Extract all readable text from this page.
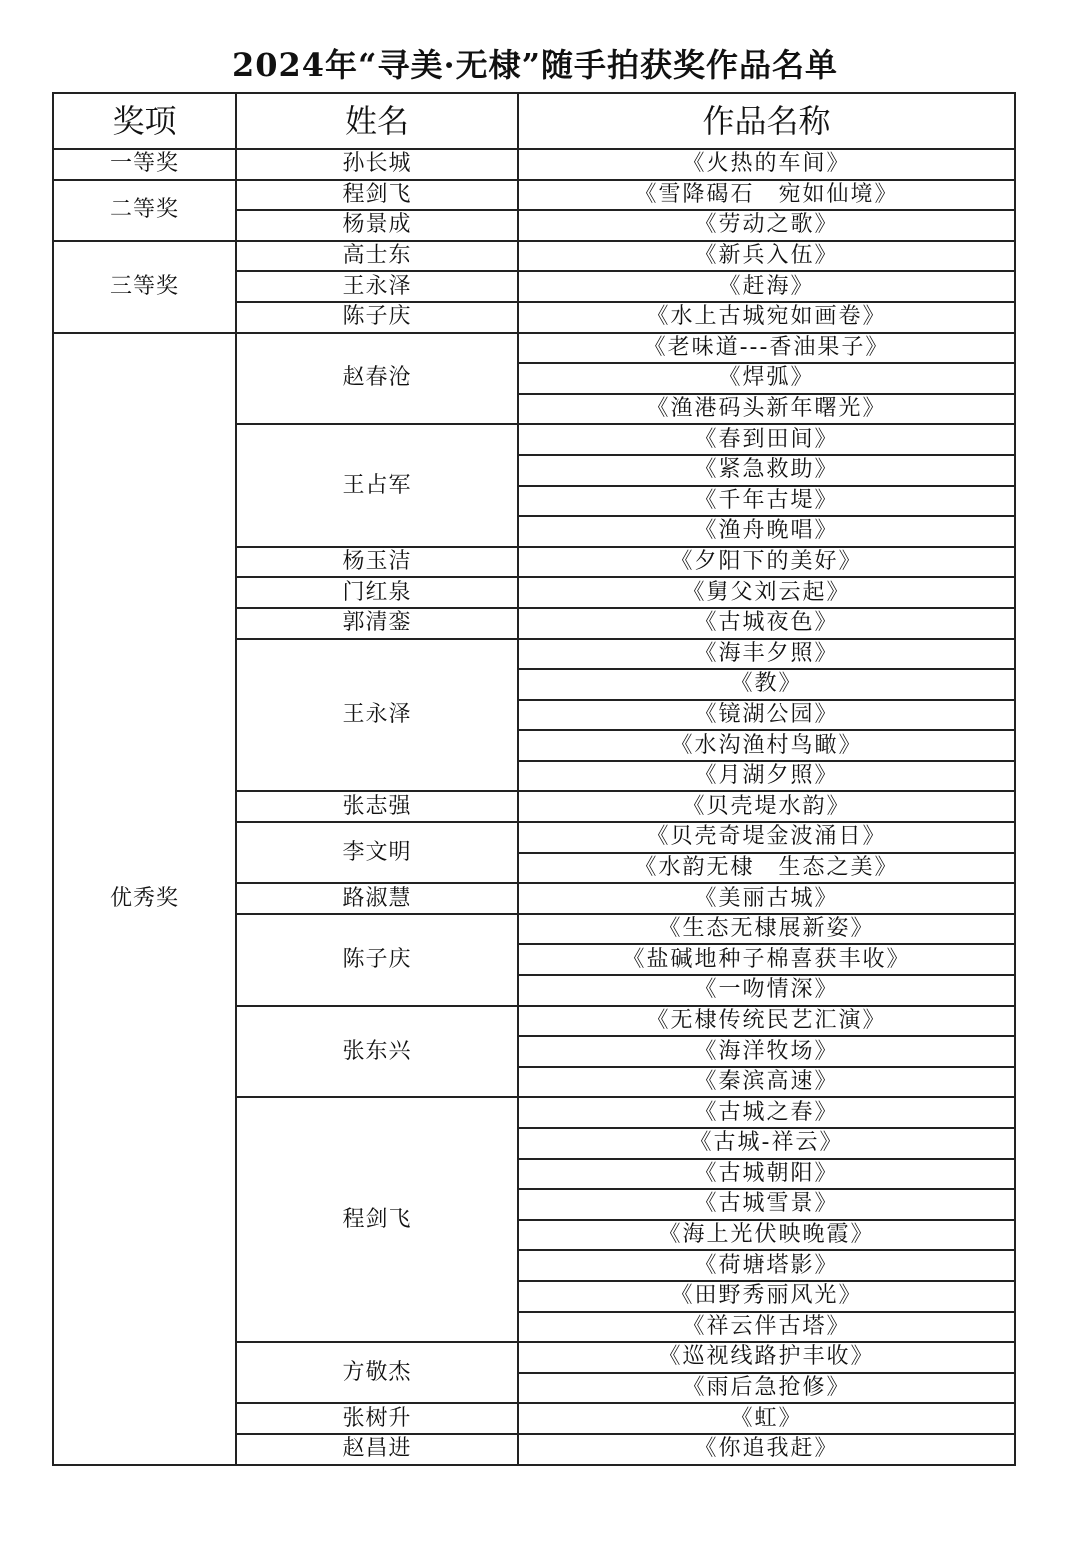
2024年“寻美·无棣”随手拍获奖作品名单
奖项	姓名	作品名称
一等奖	孙长城	《火热的车间》
二等奖	程剑飞	《雪降碣石　宛如仙境》
	杨景成	《劳动之歌》
三等奖	高士东	《新兵入伍》
	王永泽	《赶海》
	陈子庆	《水上古城宛如画卷》
优秀奖	赵春沧	《老味道---香油果子》
		《焊弧》
		《渔港码头新年曙光》
	王占军	《春到田间》
		《紧急救助》
		《千年古堤》
		《渔舟晚唱》
	杨玉洁	《夕阳下的美好》
	门红泉	《舅父刘云起》
	郭清銮	《古城夜色》
	王永泽	《海丰夕照》
		《教》
		《镜湖公园》
		《水沟渔村鸟瞰》
		《月湖夕照》
	张志强	《贝壳堤水韵》
	李文明	《贝壳奇堤金波涌日》
		《水韵无棣　生态之美》
	路淑慧	《美丽古城》
	陈子庆	《生态无棣展新姿》
		《盐碱地种子棉喜获丰收》
		《一吻情深》
	张东兴	《无棣传统民艺汇演》
		《海洋牧场》
		《秦滨高速》
	程剑飞	《古城之春》
		《古城-祥云》
		《古城朝阳》
		《古城雪景》
		《海上光伏映晚霞》
		《荷塘塔影》
		《田野秀丽风光》
		《祥云伴古塔》
	方敬杰	《巡视线路护丰收》
		《雨后急抢修》
	张树升	《虹》
	赵昌进	《你追我赶》
